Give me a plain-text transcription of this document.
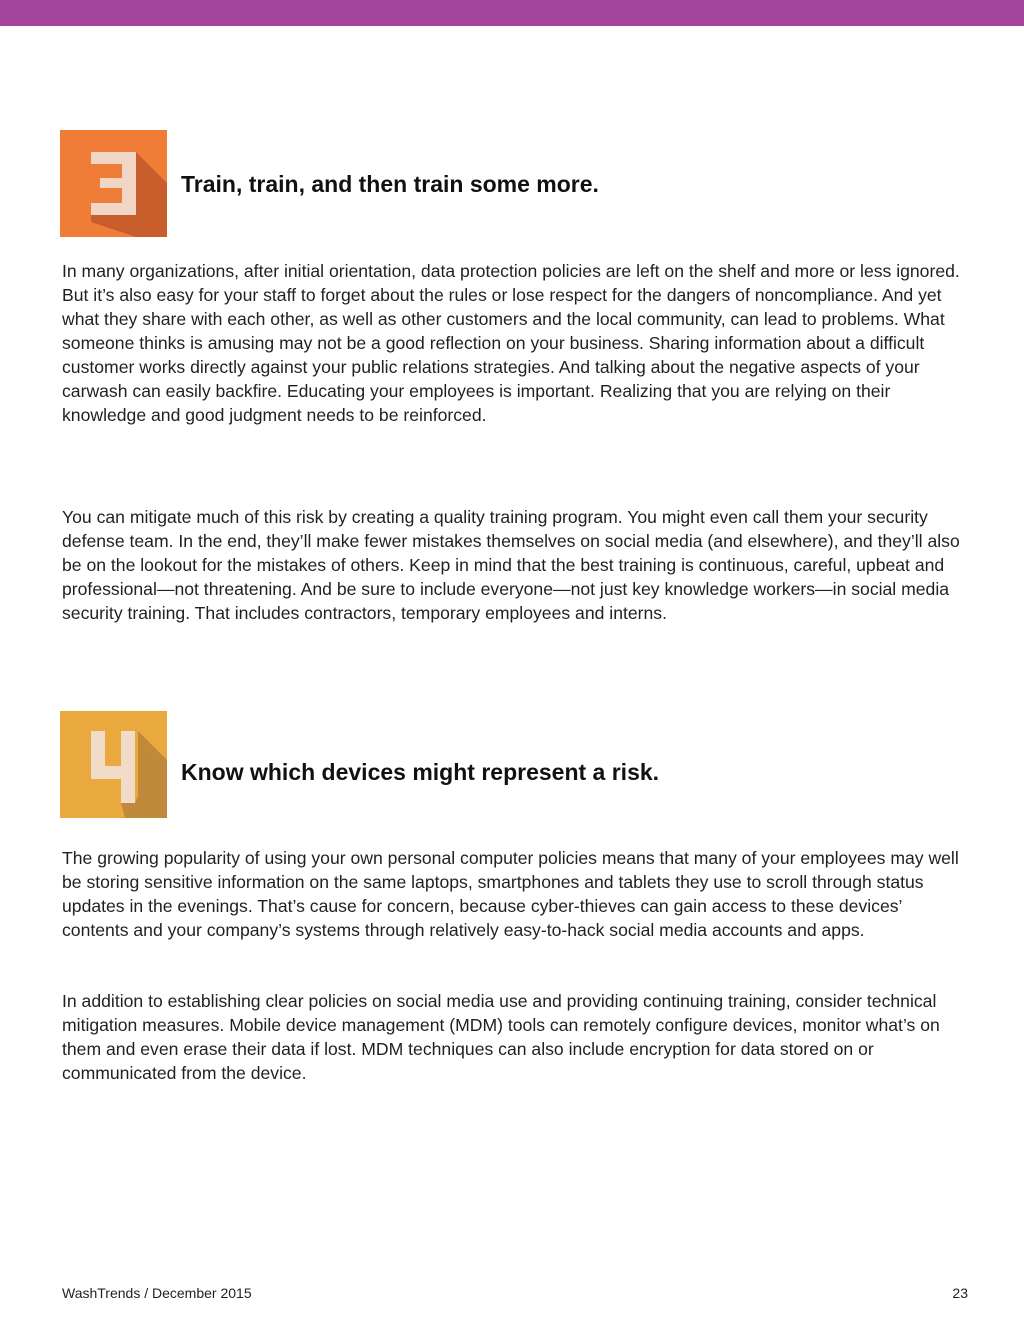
Train, train, and then train some more.

In many organizations, after initial orientation, data protection policies are left on the shelf and more or less ignored. But it’s also easy for your staff to forget about the rules or lose respect for the dangers of noncompliance. And yet what they share with each other, as well as other customers and the local community, can lead to problems. What someone thinks is amusing may not be a good reflection on your business. Sharing information about a difficult customer works directly against your public relations strategies. And talking about the negative aspects of your carwash can easily backfire. Educating your employees is important. Realizing that you are relying on their knowledge and good judgment needs to be reinforced.

You can mitigate much of this risk by creating a quality training program. You might even call them your security defense team. In the end, they’ll make fewer mistakes themselves on social media (and elsewhere), and they’ll also be on the lookout for the mistakes of others. Keep in mind that the best training is continuous, careful, upbeat and professional—not threatening. And be sure to include everyone—not just key knowledge workers—in social media security training. That includes contractors, temporary employees and interns.

Know which devices might represent a risk.

The growing popularity of using your own personal computer policies means that many of your employees may well be storing sensitive information on the same laptops, smartphones and tablets they use to scroll through status updates in the evenings. That’s cause for concern, because cyber-thieves can gain access to these devices’ contents and your company’s systems through relatively easy-to-hack social media accounts and apps.

In addition to establishing clear policies on social media use and providing continuing training, consider technical mitigation measures. Mobile device management (MDM) tools can remotely configure devices, monitor what’s on them and even erase their data if lost. MDM techniques can also include encryption for data stored on or communicated from the device.

WashTrends / December 2015	23
